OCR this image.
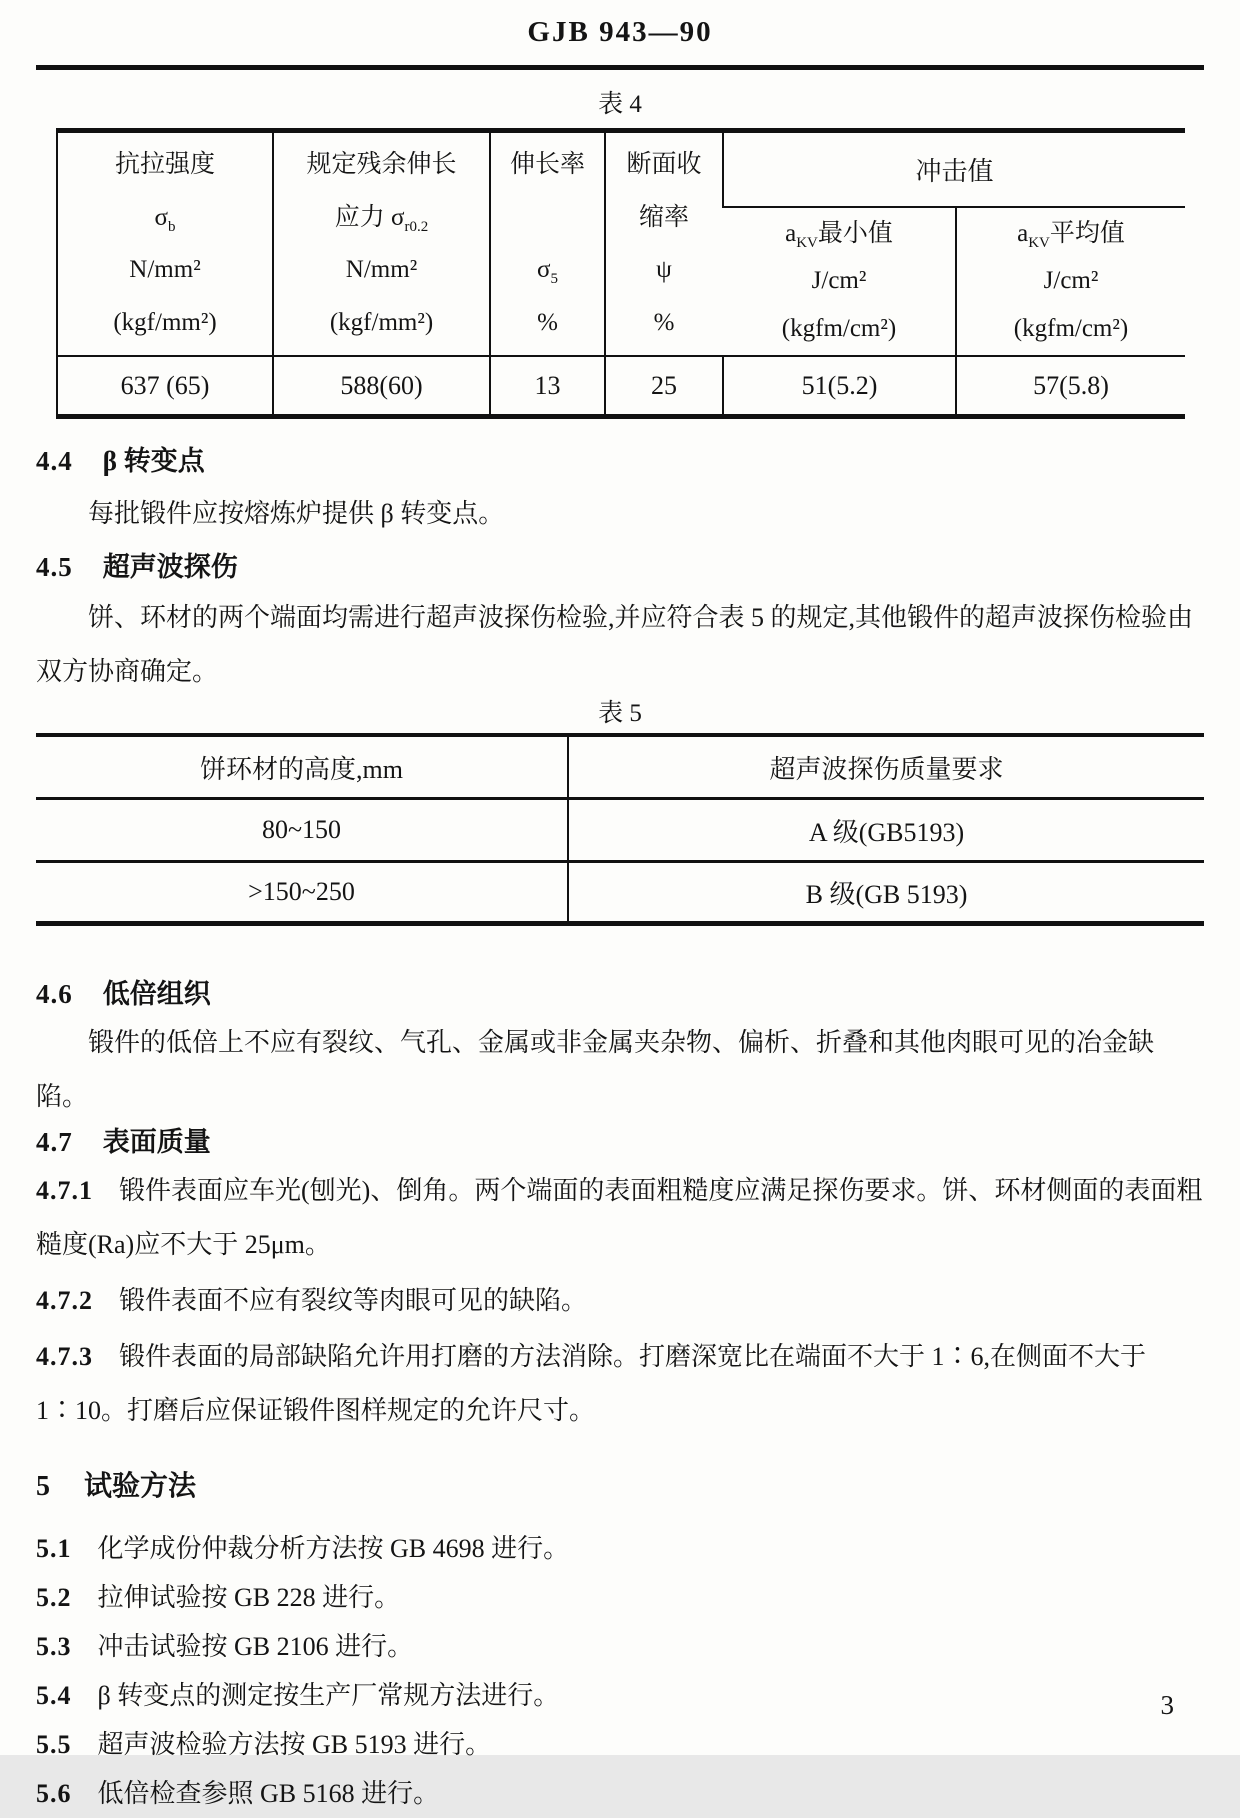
GJB 943—90
表 4
抗拉强度
$\sigma_b$
N/mm²
(kgf/mm²)

规定残余伸长
应力 $\sigma_{r0.2}$
N/mm²
(kgf/mm²)

伸长率
$\sigma_5$
%

断面收
缩率
ψ
%
	冲击值

$a_{KV}$最小值
J/cm²
(kgfm/cm²)

$a_{KV}$平均值
J/cm²
(kgfm/cm²)

637 (65)	588(60)	13	25	51(5.2)	57(5.8)
4.4 β 转变点

每批锻件应按熔炼炉提供 β 转变点。

4.5 超声波探伤

饼、环材的两个端面均需进行超声波探伤检验,并应符合表 5 的规定,其他锻件的超声波探伤检验由双方协商确定。

表 5
饼环材的高度,mm	超声波探伤质量要求
80~150	A 级(GB5193)
>150~250	B 级(GB 5193)
4.6 低倍组织

锻件的低倍上不应有裂纹、气孔、金属或非金属夹杂物、偏析、折叠和其他肉眼可见的冶金缺陷。

4.7 表面质量

4.7.1 锻件表面应车光(刨光)、倒角。两个端面的表面粗糙度应满足探伤要求。饼、环材侧面的表面粗糙度(Ra)应不大于 25μm。

4.7.2 锻件表面不应有裂纹等肉眼可见的缺陷。

4.7.3 锻件表面的局部缺陷允许用打磨的方法消除。打磨深宽比在端面不大于 1∶6,在侧面不大于 1∶10。打磨后应保证锻件图样规定的允许尺寸。

5 试验方法
5.1 化学成份仲裁分析方法按 GB 4698 进行。
5.2 拉伸试验按 GB 228 进行。
5.3 冲击试验按 GB 2106 进行。
5.4 β 转变点的测定按生产厂常规方法进行。
5.5 超声波检验方法按 GB 5193 进行。
5.6 低倍检查参照 GB 5168 进行。
3
